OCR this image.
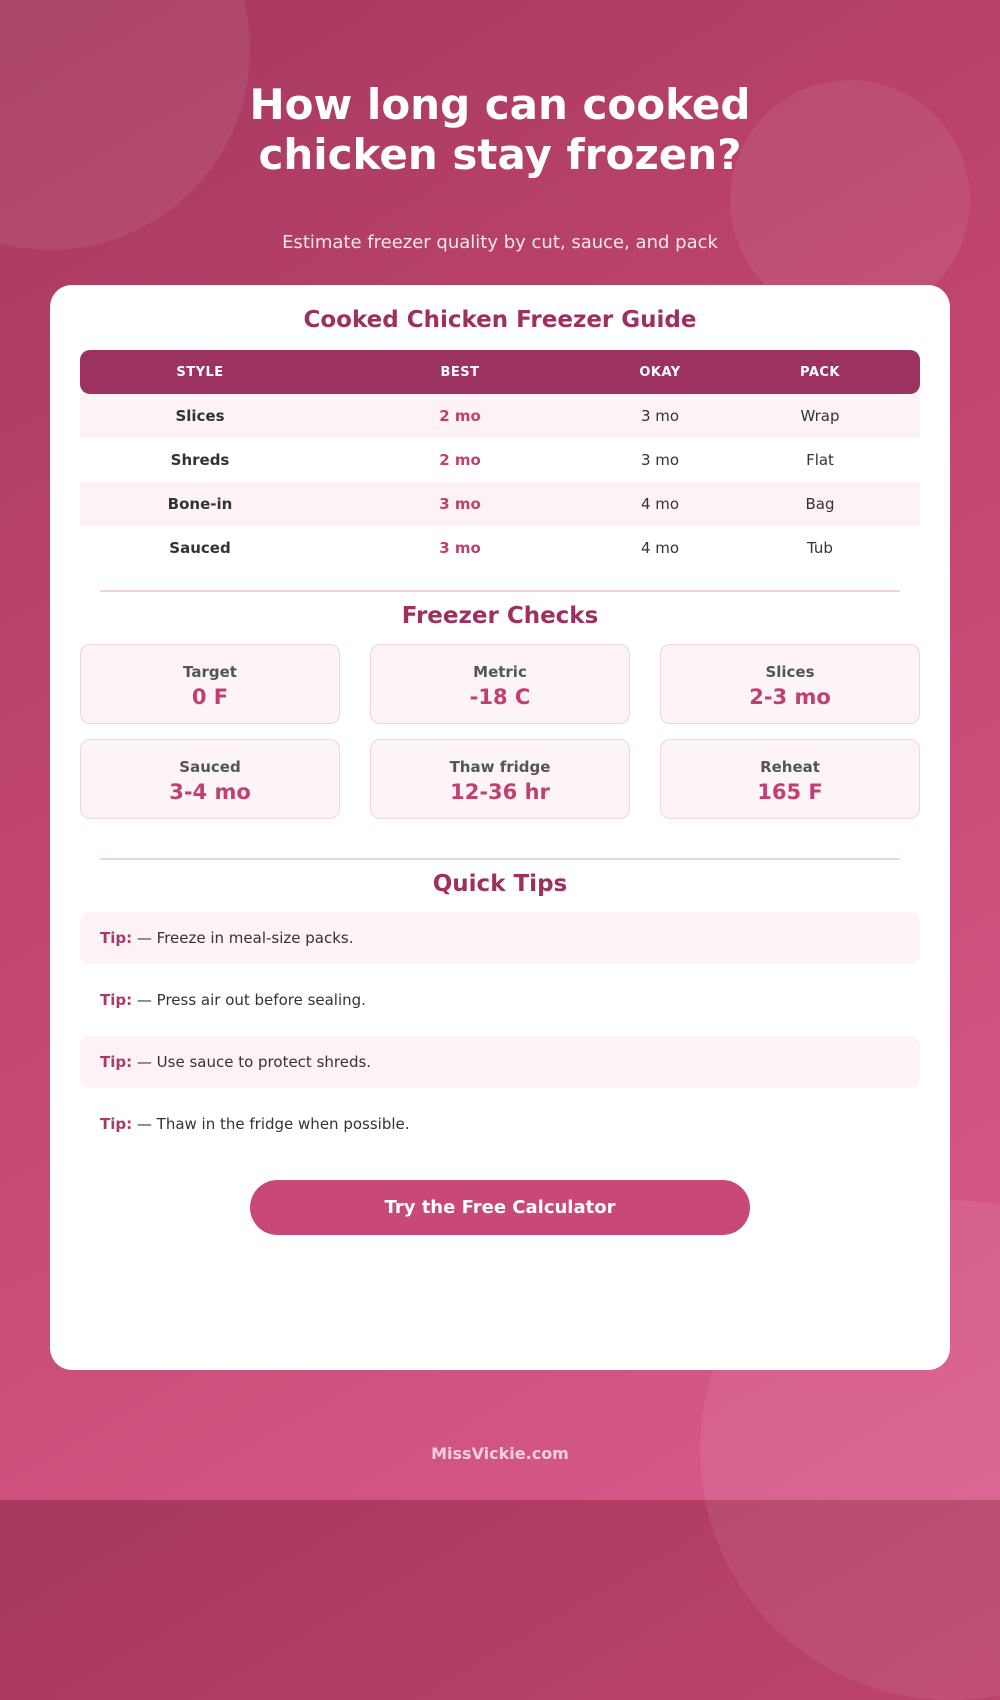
How long can cooked
chicken stay frozen?

Estimate freezer quality by cut, sauce, and pack

Cooked Chicken Freezer Guide
STYLE	BEST	OKAY	PACK
Slices	2 mo	3 mo	Wrap
Shreds	2 mo	3 mo	Flat
Bone-in	3 mo	4 mo	Bag
Sauced	3 mo	4 mo	Tub
Freezer Checks
Target
0 F
Metric
-18 C
Slices
2-3 mo
Sauced
3-4 mo
Thaw fridge
12-36 hr
Reheat
165 F
Quick Tips
Tip: — Freeze in meal-size packs.
Tip: — Press air out before sealing.
Tip: — Use sauce to protect shreds.
Tip: — Thaw in the fridge when possible.
Try the Free Calculator
MissVickie.com
